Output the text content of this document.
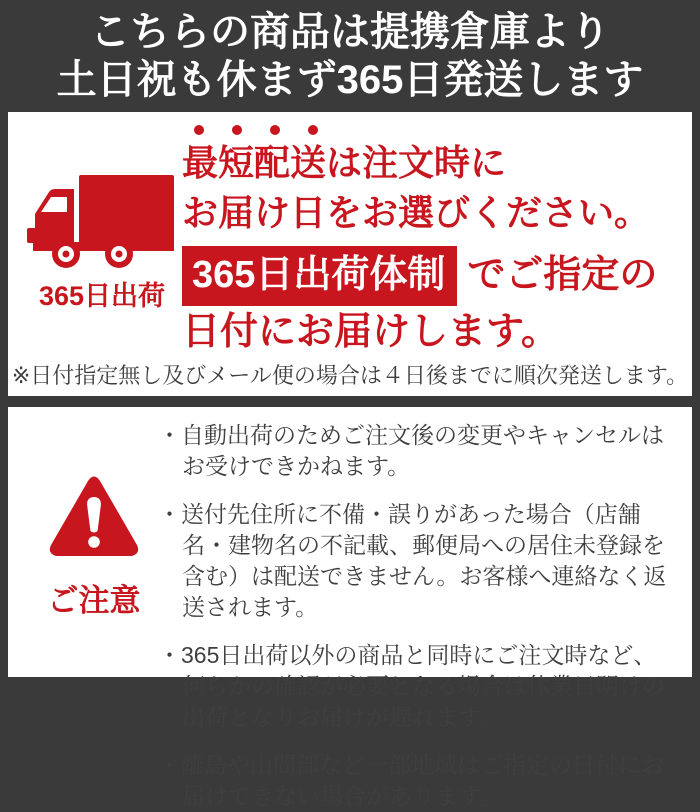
こちらの商品は提携倉庫より
土日祝も休まず365日発送します
365日出荷
最短配送は注文時に
お届け日をお選びください。
365日出荷体制 でご指定の
日付にお届けします。
※日付指定無し及びメール便の場合は４日後までに順次発送します。
ご注意
・自動出荷のためご注文後の変更やキャンセルはお受けできかねます。
・送付先住所に不備・誤りがあった場合（店舗名・建物名の不記載、郵便局への居住未登録を含む）は配送できません。お客様へ連絡なく返送されます。
・365日出荷以外の商品と同時にご注文時など、何らかの確認が必要となる場合は休業日明けの出荷となりお届けが遅れます。
・離島や山間部など一部地域はご指定の日付にお届けできない場合があります。
